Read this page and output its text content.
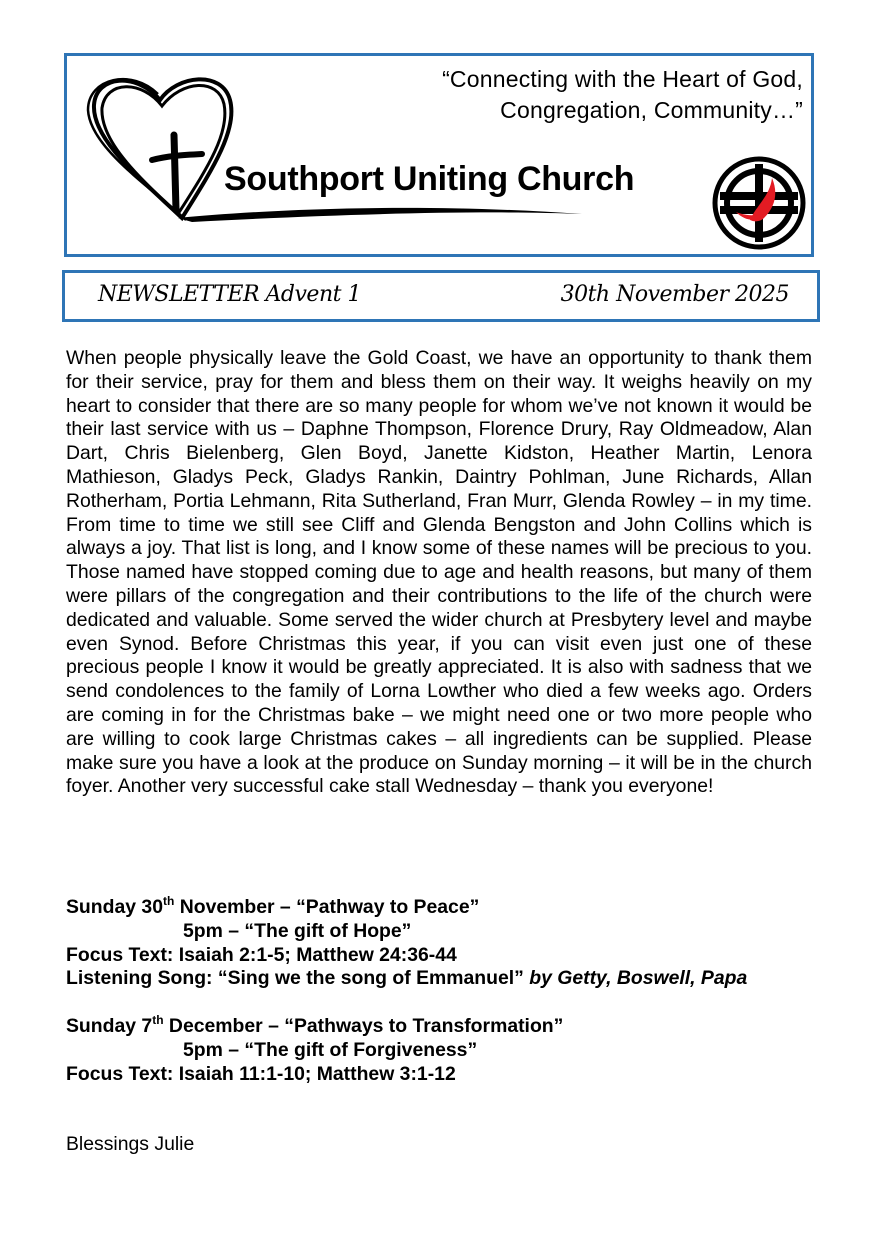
“Connecting with the Heart of God,
Congregation, Community…”
Southport Uniting Church
NEWSLETTER Advent 1	30th November 2025
When people physically leave the Gold Coast, we have an opportunity to thank them for their service, pray for them and bless them on their way. It weighs heavily on my heart to consider that there are so many people for whom we’ve not known it would be their last service with us – Daphne Thompson, Florence Drury, Ray Oldmeadow, Alan Dart, Chris Bielenberg, Glen Boyd, Janette Kidston, Heather Martin, Lenora Mathieson, Gladys Peck, Gladys Rankin, Daintry Pohlman, June Richards, Allan Rotherham, Portia Lehmann, Rita Sutherland, Fran Murr, Glenda Rowley – in my time. From time to time we still see Cliff and Glenda Bengston and John Collins which is always a joy. That list is long, and I know some of these names will be precious to you. Those named have stopped coming due to age and health reasons, but many of them were pillars of the congregation and their contributions to the life of the church were dedicated and valuable. Some served the wider church at Presbytery level and maybe even Synod. Before Christmas this year, if you can visit even just one of these precious people I know it would be greatly appreciated. It is also with sadness that we send condolences to the family of Lorna Lowther who died a few weeks ago. Orders are coming in for the Christmas bake – we might need one or two more people who are willing to cook large Christmas cakes – all ingredients can be supplied. Please make sure you have a look at the produce on Sunday morning – it will be in the church foyer. Another very successful cake stall Wednesday – thank you everyone!

Sunday 30th November – “Pathway to Peace”

5pm – “The gift of Hope”

Focus Text: Isaiah 2:1-5; Matthew 24:36-44

Listening Song: “Sing we the song of Emmanuel” by Getty, Boswell, Papa

Sunday 7th December – “Pathways to Transformation”

5pm – “The gift of Forgiveness”

Focus Text: Isaiah 11:1-10; Matthew 3:1-12

Blessings Julie
